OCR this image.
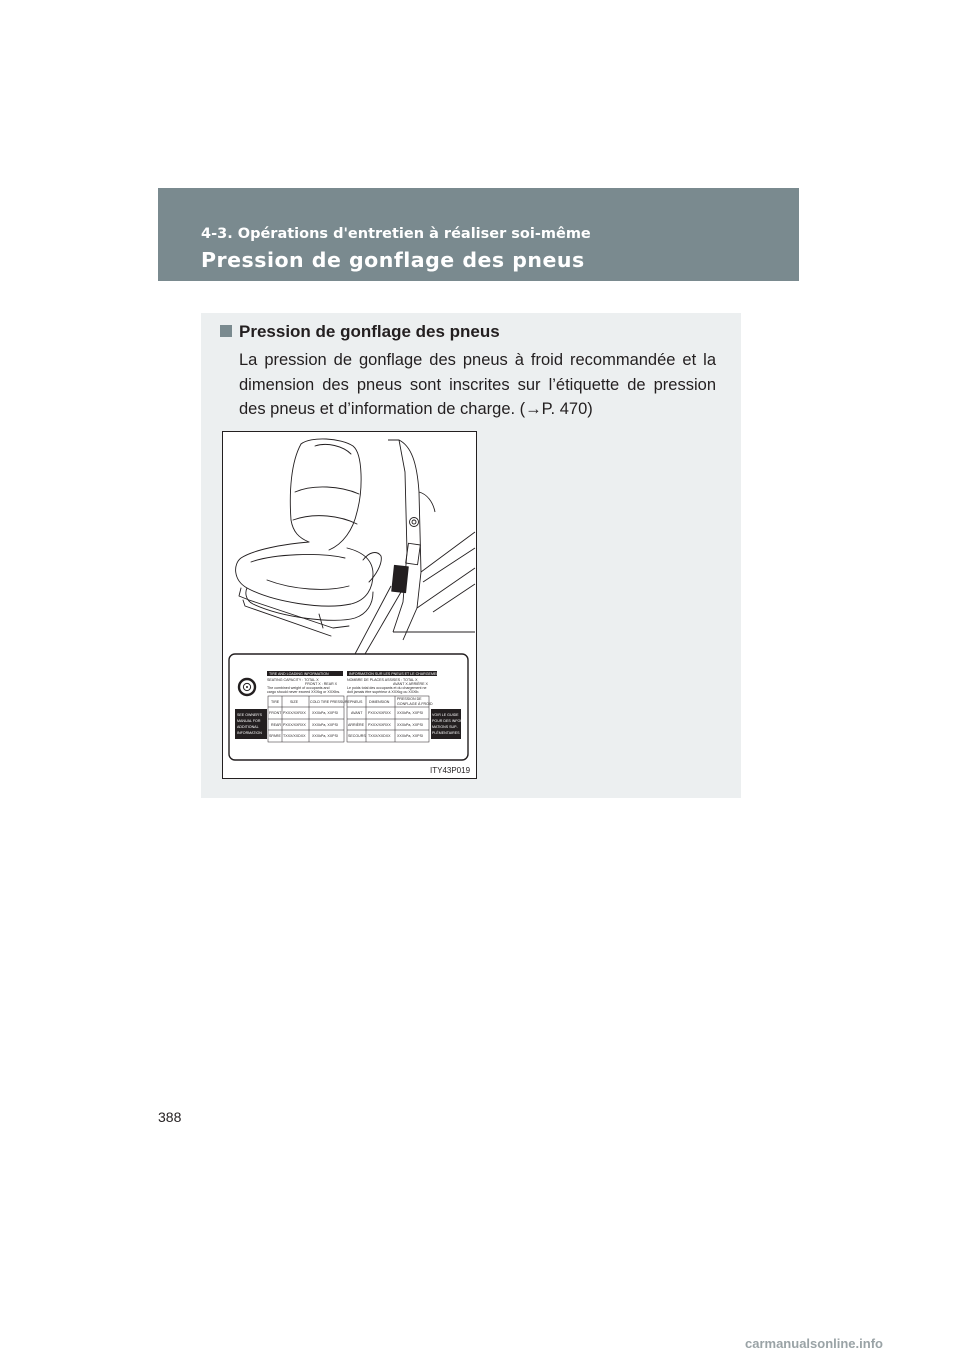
4-3. Opérations d'entretien à réaliser soi-même
Pression de gonflage des pneus
Pression de gonflage des pneus
La pression de gonflage des pneus à froid recommandée et la dimension des pneus sont inscrites sur l’étiquette de pression des pneus et d’information de charge. (→P. 470)
TIRE AND LOADING INFORMATION	INFORMATION SUR LES PNEUS ET LE CHARGEMENT
SEATING CAPACITY : TOTAL X
FRONT X : REAR X
The combined weight of occupants and
cargo should never exceed XXXkg or XXXlbs.
NOMBRE DE PLACES ASSISES : TOTAL X
AVANT X ARRIÈRE X
Le poids total des occupants et du chargement ne
doit jamais être supérieur à XXXkg ou XXXlb.
SEE OWNER'S
MANUAL FOR
ADDITIONAL
INFORMATION
TIRE	SIZE	COLD TIRE PRESSURE
FRONT PXXX/XXRXX XXXkPa, XXPSI
REAR PXXX/XXRXX XXXkPa, XXPSI
SPARE TXXX/XXDXX XXXkPa, XXPSI
PNEUS DIMENSION
PRESSION DE
GONFLAGE À FROID
AVANT PXXX/XXRXX XXXkPa, XXPSI
ARRIÈRE PXXX/XXRXX XXXkPa, XXPSI
SECOURS TXXX/XXDXX XXXkPa, XXPSI
VOIR LE GUIDE
POUR DES INFOR-
MATIONS SUP-
PLÉMENTAIRES
ITY43P019
388
carmanualsonline.info
